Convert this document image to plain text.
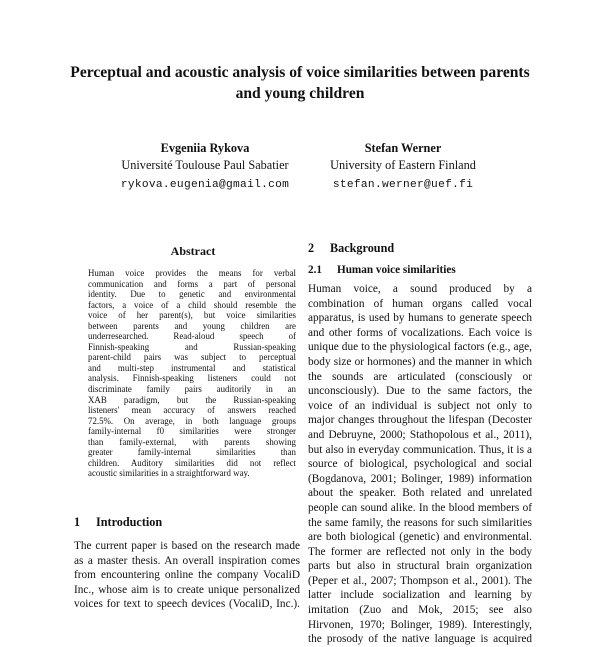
Perceptual and acoustic analysis of voice similarities between parents
and young children
Evgeniia Rykova
Université Toulouse Paul Sabatier
rykova.eugenia@gmail.com
Stefan Werner
University of Eastern Finland
stefan.werner@uef.fi
Abstract
Human voice provides the means for verbal
communication and forms a part of personal
identity. Due to genetic and environmental
factors, a voice of a child should resemble the
voice of her parent(s), but voice similarities
between parents and young children are
underresearched. Read-aloud speech of
Finnish-speaking and Russian-speaking
parent-child pairs was subject to perceptual
and multi-step instrumental and statistical
analysis. Finnish-speaking listeners could not
discriminate family pairs auditorily in an
XAB paradigm, but the Russian-speaking
listeners' mean accuracy of answers reached
72.5%. On average, in both language groups
family-internal f0 similarities were stronger
than family-external, with parents showing
greater family-internal similarities than
children. Auditory similarities did not reflect
acoustic similarities in a straightforward way.
1 Introduction
The current paper is based on the research made
as a master thesis. An overall inspiration comes
from encountering online the company VocaliD
Inc., whose aim is to create unique personalized
voices for text to speech devices (VocaliD, Inc.).
2 Background
2.1 Human voice similarities
Human voice, a sound produced by a
combination of human organs called vocal
apparatus, is used by humans to generate speech
and other forms of vocalizations. Each voice is
unique due to the physiological factors (e.g., age,
body size or hormones) and the manner in which
the sounds are articulated (consciously or
unconsciously). Due to the same factors, the
voice of an individual is subject not only to
major changes throughout the lifespan (Decoster
and Debruyne, 2000; Stathopolous et al., 2011),
but also in everyday communication. Thus, it is a
source of biological, psychological and social
(Bogdanova, 2001; Bolinger, 1989) information
about the speaker. Both related and unrelated
people can sound alike. In the blood members of
the same family, the reasons for such similarities
are both biological (genetic) and environmental.
The former are reflected not only in the body
parts but also in structural brain organization
(Peper et al., 2007; Thompson et al., 2001). The
latter include socialization and learning by
imitation (Zuo and Mok, 2015; see also
Hirvonen, 1970; Bolinger, 1989). Interestingly,
the prosody of the native language is acquired
